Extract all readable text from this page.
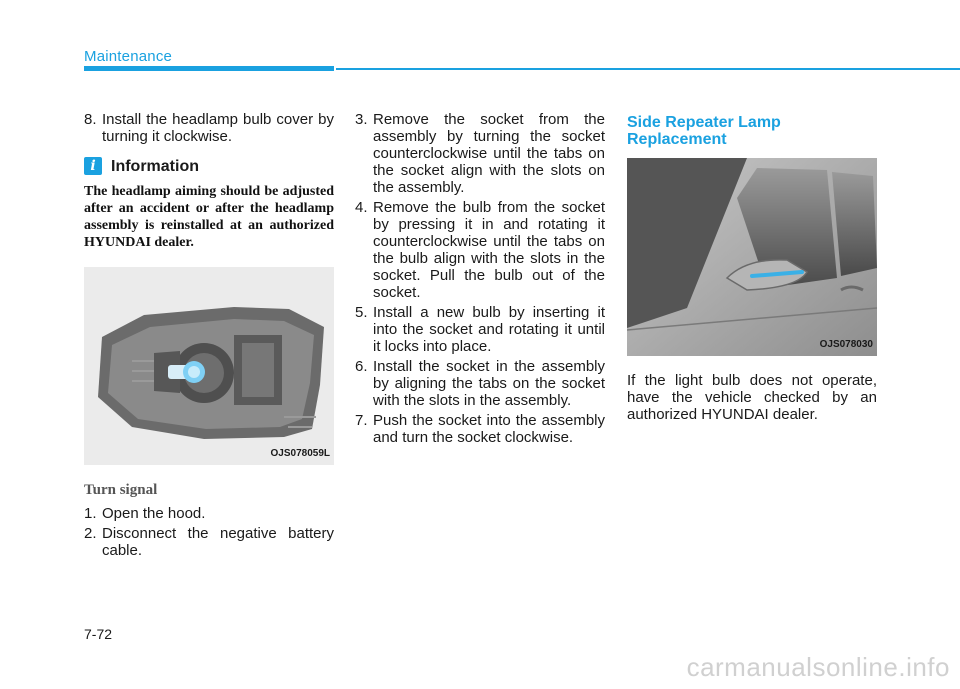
Maintenance
8. Install the headlamp bulb cover by turning it clockwise.
i Information
The headlamp aiming should be adjusted after an accident or after the headlamp assembly is reinstalled at an authorized HYUNDAI dealer.
OJS078059L
Turn signal
1. Open the hood.
2. Disconnect the negative battery cable.
3. Remove the socket from the assembly by turning the socket counterclockwise until the tabs on the socket align with the slots on the assembly.
4. Remove the bulb from the socket by pressing it in and rotating it counterclockwise until the tabs on the bulb align with the slots in the socket. Pull the bulb out of the socket.
5. Install a new bulb by inserting it into the socket and rotating it until it locks into place.
6. Install the socket in the assembly by aligning the tabs on the socket with the slots in the assembly.
7. Push the socket into the assembly and turn the socket clockwise.
Side Repeater Lamp
Replacement
OJS078030
If the light bulb does not operate, have the vehicle checked by an authorized HYUNDAI dealer.
7-72
carmanualsonline.info
